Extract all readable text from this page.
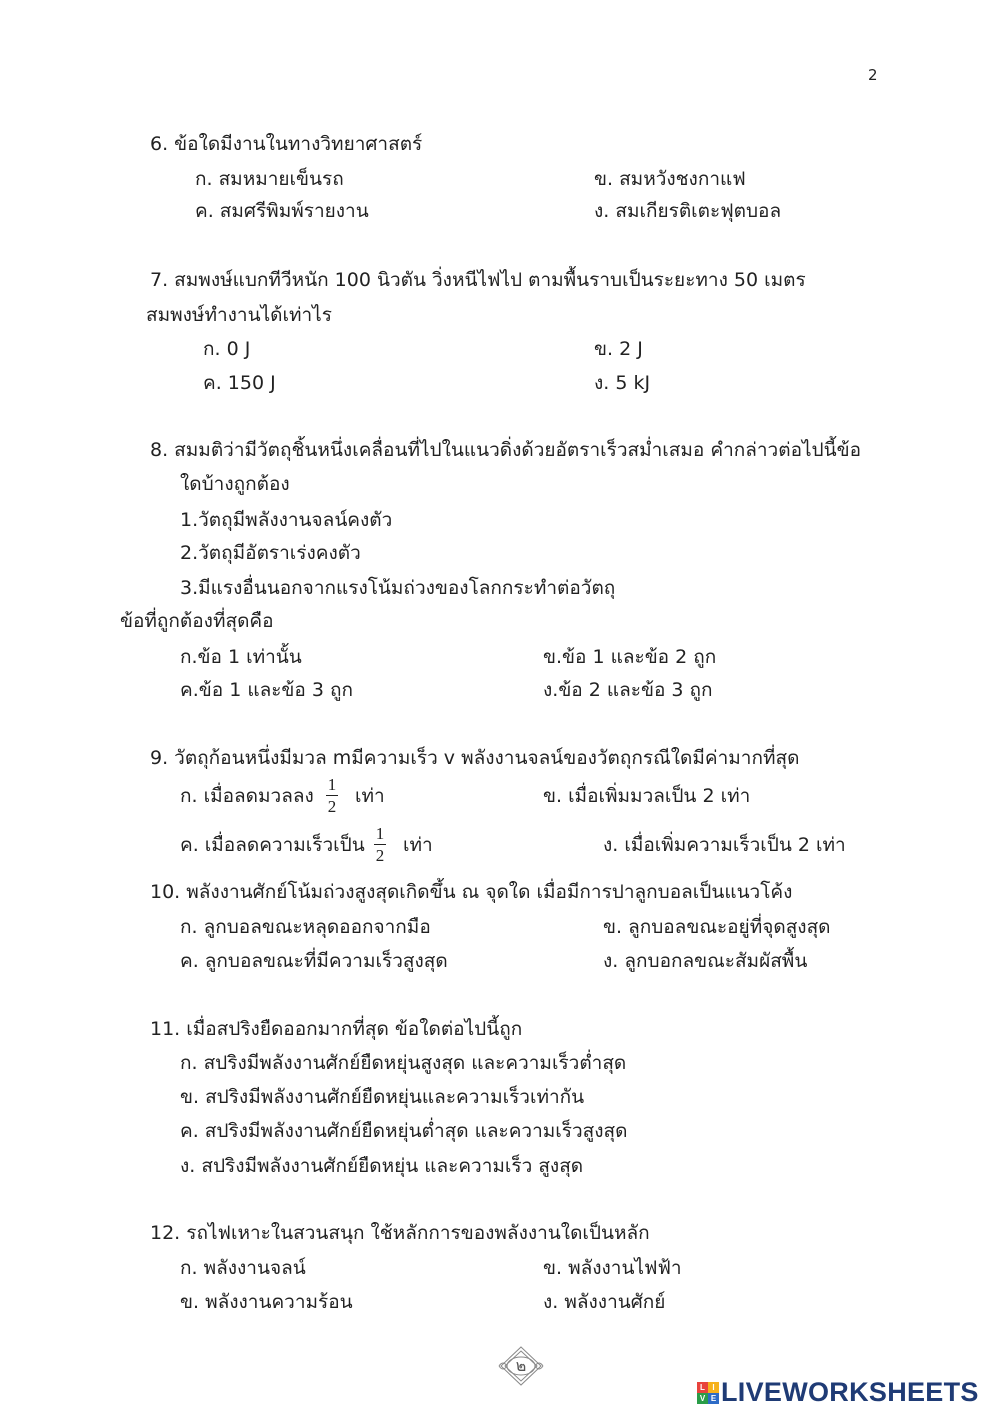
2
6. ข้อใดมีงานในทางวิทยาศาสตร์
ก. สมหมายเข็นรถ	ข. สมหวังชงกาแฟ
ค. สมศรีพิมพ์รายงาน	ง. สมเกียรติเตะฟุตบอล
7. สมพงษ์แบกทีวีหนัก 100 นิวตัน วิ่งหนีไฟไป ตามพื้นราบเป็นระยะทาง 50 เมตร
สมพงษ์ทำงานได้เท่าไร
ก. 0 J	ข. 2 J
ค. 150 J	ง. 5 kJ
8. สมมติว่ามีวัตถุชิ้นหนึ่งเคลื่อนที่ไปในแนวดิ่งด้วยอัตราเร็วสม่ำเสมอ คำกล่าวต่อไปนี้ข้อ
ใดบ้างถูกต้อง
1.วัตถุมีพลังงานจลน์คงตัว
2.วัตถุมีอัตราเร่งคงตัว
3.มีแรงอื่นนอกจากแรงโน้มถ่วงของโลกกระทำต่อวัตถุ
ข้อที่ถูกต้องที่สุดคือ
ก.ข้อ 1 เท่านั้น	ข.ข้อ 1 และข้อ 2 ถูก
ค.ข้อ 1 และข้อ 3 ถูก	ง.ข้อ 2 และข้อ 3 ถูก
9. วัตถุก้อนหนึ่งมีมวล mมีความเร็ว v พลังงานจลน์ของวัตถุกรณีใดมีค่ามากที่สุด
ก. เมื่อลดมวลลง
1
2 เท่า	ข. เมื่อเพิ่มมวลเป็น 2 เท่า
ค. เมื่อลดความเร็วเป็น
1
2 เท่า	ง. เมื่อเพิ่มความเร็วเป็น 2 เท่า
10. พลังงานศักย์โน้มถ่วงสูงสุดเกิดขึ้น ณ จุดใด เมื่อมีการปาลูกบอลเป็นแนวโค้ง
ก. ลูกบอลขณะหลุดออกจากมือ	ข. ลูกบอลขณะอยู่ที่จุดสูงสุด
ค. ลูกบอลขณะที่มีความเร็วสูงสุด	ง. ลูกบอกลขณะสัมผัสพื้น
11. เมื่อสปริงยืดออกมากที่สุด ข้อใดต่อไปนี้ถูก
ก. สปริงมีพลังงานศักย์ยืดหยุ่นสูงสุด และความเร็วต่ำสุด
ข. สปริงมีพลังงานศักย์ยืดหยุ่นและความเร็วเท่ากัน
ค. สปริงมีพลังงานศักย์ยืดหยุ่นต่ำสุด และความเร็วสูงสุด
ง. สปริงมีพลังงานศักย์ยืดหยุ่น และความเร็ว สูงสุด
12. รถไฟเหาะในสวนสนุก ใช้หลักการของพลังงานใดเป็นหลัก
ก. พลังงานจลน์	ข. พลังงานไฟฟ้า
ข. พลังงานความร้อน	ง. พลังงานศักย์
๒
L I
V E LIVEWORKSHEETS
